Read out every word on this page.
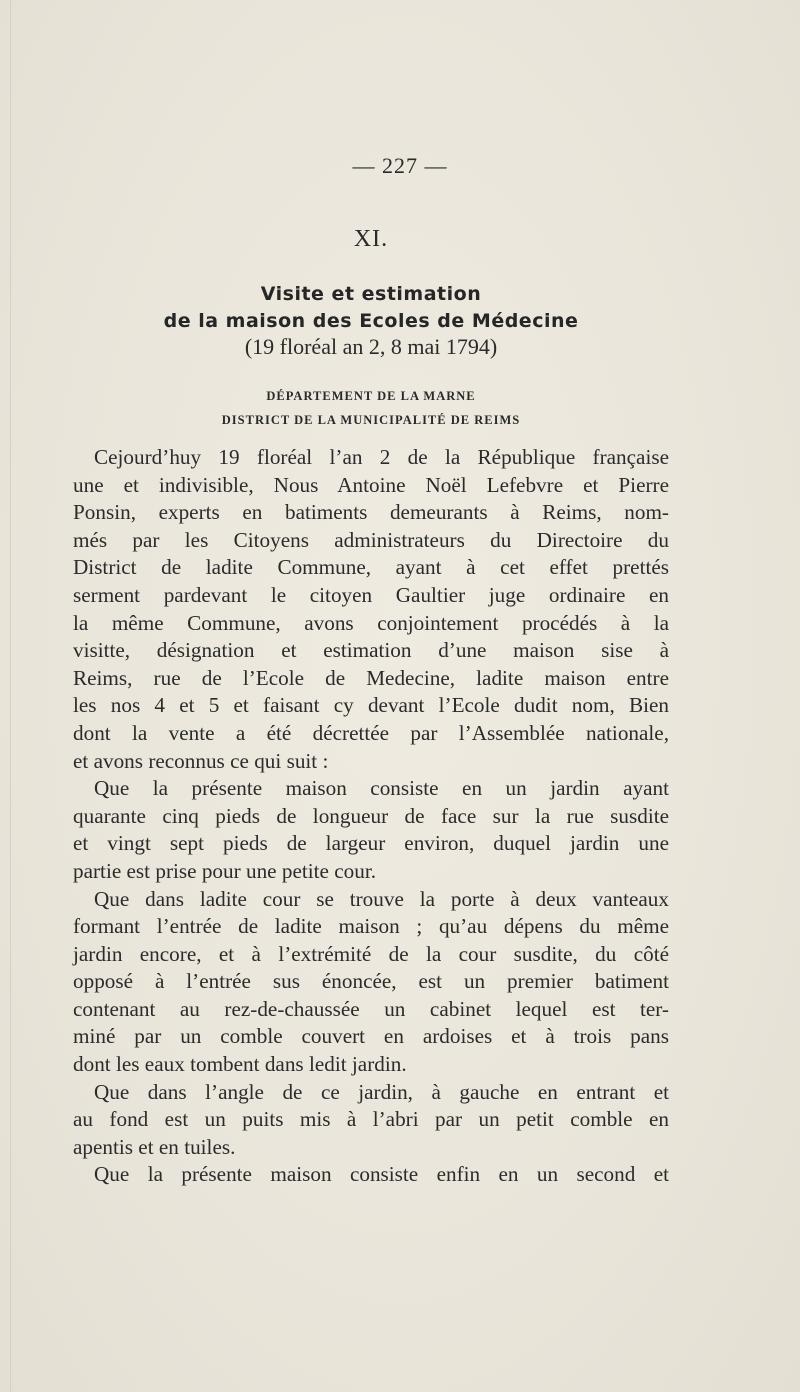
— 227 —
XI.
Visite et estimation
de la maison des Ecoles de Médecine
(19 floréal an 2, 8 mai 1794)
DÉPARTEMENT DE LA MARNE
DISTRICT DE LA MUNICIPALITÉ DE REIMS
Cejourd’huy 19 floréal l’an 2 de la République française
une et indivisible, Nous Antoine Noël Lefebvre et Pierre
Ponsin, experts en batiments demeurants à Reims, nom-
més par les Citoyens administrateurs du Directoire du
District de ladite Commune, ayant à cet effet prettés
serment pardevant le citoyen Gaultier juge ordinaire en
la même Commune, avons conjointement procédés à la
visitte, désignation et estimation d’une maison sise à
Reims, rue de l’Ecole de Medecine, ladite maison entre
les nos 4 et 5 et faisant cy devant l’Ecole dudit nom, Bien
dont la vente a été décrettée par l’Assemblée nationale,
et avons reconnus ce qui suit :
Que la présente maison consiste en un jardin ayant
quarante cinq pieds de longueur de face sur la rue susdite
et vingt sept pieds de largeur environ, duquel jardin une
partie est prise pour une petite cour.
Que dans ladite cour se trouve la porte à deux vanteaux
formant l’entrée de ladite maison ; qu’au dépens du même
jardin encore, et à l’extrémité de la cour susdite, du côté
opposé à l’entrée sus énoncée, est un premier batiment
contenant au rez-de-chaussée un cabinet lequel est ter-
miné par un comble couvert en ardoises et à trois pans
dont les eaux tombent dans ledit jardin.
Que dans l’angle de ce jardin, à gauche en entrant et
au fond est un puits mis à l’abri par un petit comble en
apentis et en tuiles.
Que la présente maison consiste enfin en un second et
